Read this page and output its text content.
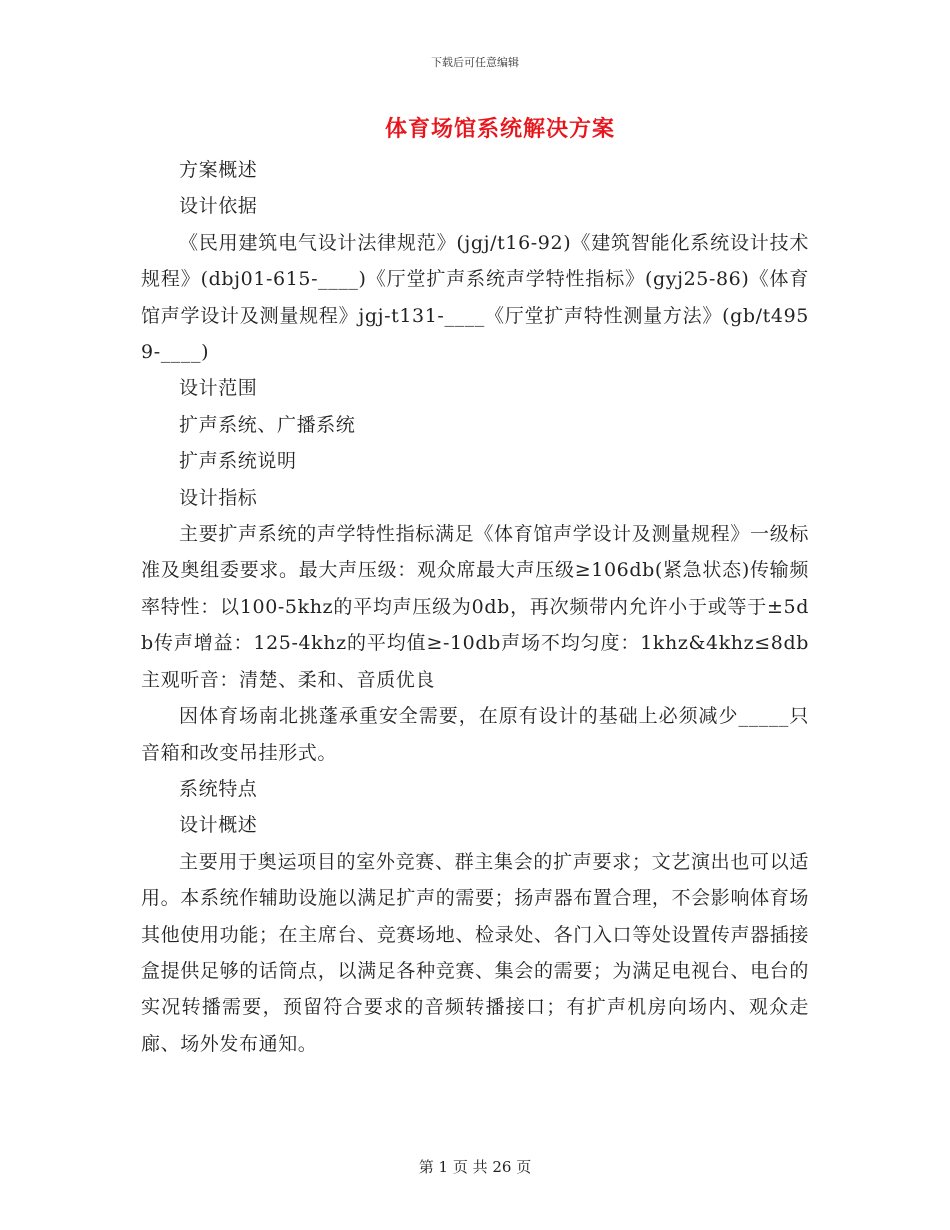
下载后可任意编辑
体育场馆系统解决方案

方案概述

设计依据

《民用建筑电气设计法律规范》(jgj/t16-92)《建筑智能化系统设计技术规程》(dbj01-615-____)《厅堂扩声系统声学特性指标》(gyj25-86)《体育馆声学设计及测量规程》jgj-t131-____《厅堂扩声特性测量方法》(gb/t4959-____)

设计范围

扩声系统、广播系统

扩声系统说明

设计指标

主要扩声系统的声学特性指标满足《体育馆声学设计及测量规程》一级标准及奥组委要求。最大声压级：观众席最大声压级≥106db(紧急状态)传输频率特性：以100-5khz的平均声压级为0db，再次频带内允许小于或等于±5db传声增益：125-4khz的平均值≥-10db声场不均匀度：1khz&4khz≤8db主观听音：清楚、柔和、音质优良

因体育场南北挑蓬承重安全需要，在原有设计的基础上必须减少_____只音箱和改变吊挂形式。

系统特点

设计概述

主要用于奥运项目的室外竞赛、群主集会的扩声要求；文艺演出也可以适用。本系统作辅助设施以满足扩声的需要；扬声器布置合理，不会影响体育场其他使用功能；在主席台、竞赛场地、检录处、各门入口等处设置传声器插接盒提供足够的话筒点，以满足各种竞赛、集会的需要；为满足电视台、电台的实况转播需要，预留符合要求的音频转播接口；有扩声机房向场内、观众走廊、场外发布通知。

第 1 页 共 26 页
